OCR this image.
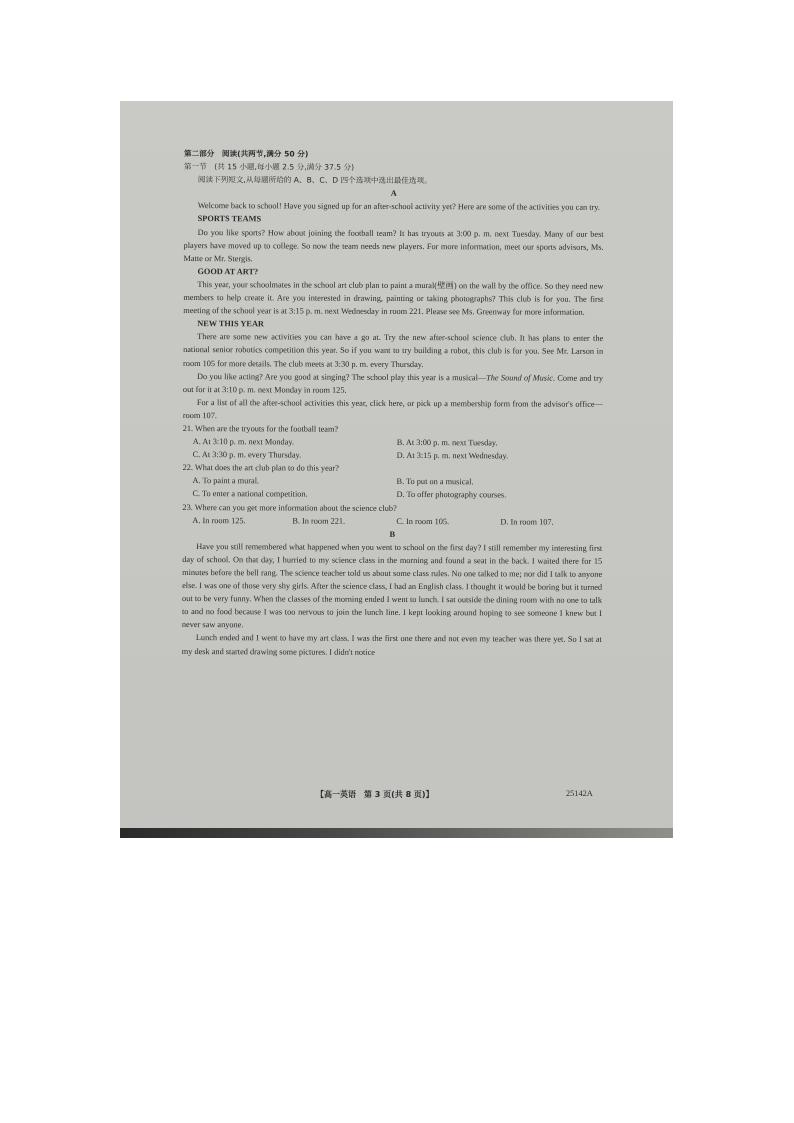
第二部分　阅读(共两节,满分 50 分)

第一节　(共 15 小题,每小题 2.5 分,满分 37.5 分)

阅读下列短文,从每题所给的 A、B、C、D 四个选项中选出最佳选项。

A

Welcome back to school! Have you signed up for an after-school activity yet? Here are some of the activities you can try.

SPORTS TEAMS

Do you like sports? How about joining the football team? It has tryouts at 3:00 p. m. next Tuesday. Many of our best players have moved up to college. So now the team needs new players. For more information, meet our sports advisors, Ms. Matte or Mr. Stergis.

GOOD AT ART?

This year, your schoolmates in the school art club plan to paint a mural(壁画) on the wall by the office. So they need new members to help create it. Are you interested in drawing, painting or taking photographs? This club is for you. The first meeting of the school year is at 3:15 p. m. next Wednesday in room 221. Please see Ms. Greenway for more information.

NEW THIS YEAR

There are some new activities you can have a go at. Try the new after-school science club. It has plans to enter the national senior robotics competition this year. So if you want to try building a robot, this club is for you. See Mr. Larson in room 105 for more details. The club meets at 3:30 p. m. every Thursday.

Do you like acting? Are you good at singing? The school play this year is a musical—The Sound of Music. Come and try out for it at 3:10 p. m. next Monday in room 125.

For a list of all the after-school activities this year, click here, or pick up a membership form from the advisor's office—room 107.

21. When are the tryouts for the football team?

A. At 3:10 p. m. next Monday.	B. At 3:00 p. m. next Tuesday.
C. At 3:30 p. m. every Thursday.	D. At 3:15 p. m. next Wednesday.

22. What does the art club plan to do this year?

A. To paint a mural.	B. To put on a musical.
C. To enter a national competition.	D. To offer photography courses.

23. Where can you get more information about the science club?

A. In room 125.	B. In room 221.	C. In room 105.	D. In room 107.

B

Have you still remembered what happened when you went to school on the first day? I still remember my interesting first day of school. On that day, I hurried to my science class in the morning and found a seat in the back. I waited there for 15 minutes before the bell rang. The science teacher told us about some class rules. No one talked to me; nor did I talk to anyone else. I was one of those very shy girls. After the science class, I had an English class. I thought it would be boring but it turned out to be very funny. When the classes of the morning ended I went to lunch. I sat outside the dining room with no one to talk to and no food because I was too nervous to join the lunch line. I kept looking around hoping to see someone I knew but I never saw anyone.

Lunch ended and I went to have my art class. I was the first one there and not even my teacher was there yet. So I sat at my desk and started drawing some pictures. I didn't notice

【高一英语　第 3 页(共 8 页)】	25142A
